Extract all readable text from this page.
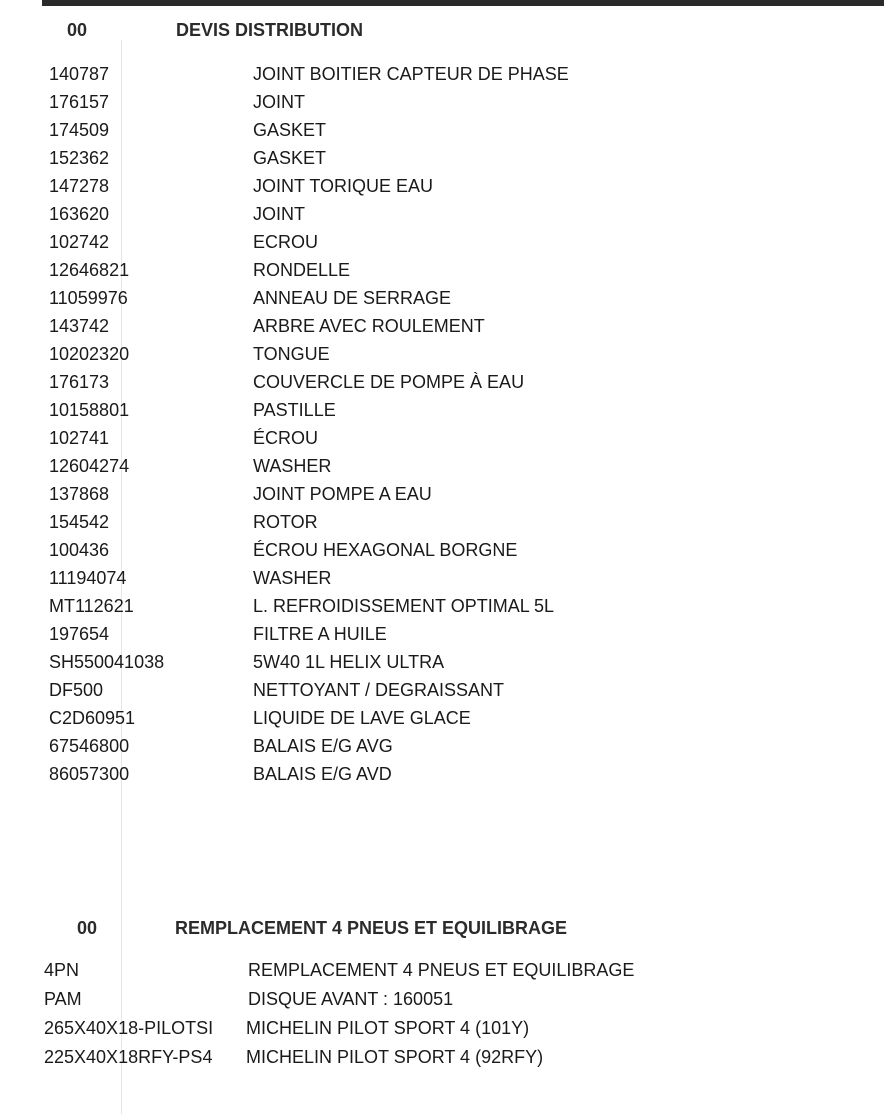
00	DEVIS DISTRIBUTION
140787	JOINT BOITIER CAPTEUR DE PHASE
176157	JOINT
174509	GASKET
152362	GASKET
147278	JOINT TORIQUE EAU
163620	JOINT
102742	ECROU
12646821	RONDELLE
11059976	ANNEAU DE SERRAGE
143742	ARBRE AVEC ROULEMENT
10202320	TONGUE
176173	COUVERCLE DE POMPE À EAU
10158801	PASTILLE
102741	ÉCROU
12604274	WASHER
137868	JOINT POMPE A EAU
154542	ROTOR
100436	ÉCROU HEXAGONAL BORGNE
11194074	WASHER
MT112621	L. REFROIDISSEMENT OPTIMAL 5L
197654	FILTRE A HUILE
SH550041038	5W40 1L HELIX ULTRA
DF500	NETTOYANT / DEGRAISSANT
C2D60951	LIQUIDE DE LAVE GLACE
67546800	BALAIS E/G AVG
86057300	BALAIS E/G AVD
00	REMPLACEMENT 4 PNEUS ET EQUILIBRAGE
4PN	REMPLACEMENT 4 PNEUS ET EQUILIBRAGE
PAM	DISQUE AVANT : 160051
265X40X18-PILOTSI MICHELIN PILOT SPORT 4 (101Y)
225X40X18RFY-PS4 MICHELIN PILOT SPORT 4 (92RFY)
